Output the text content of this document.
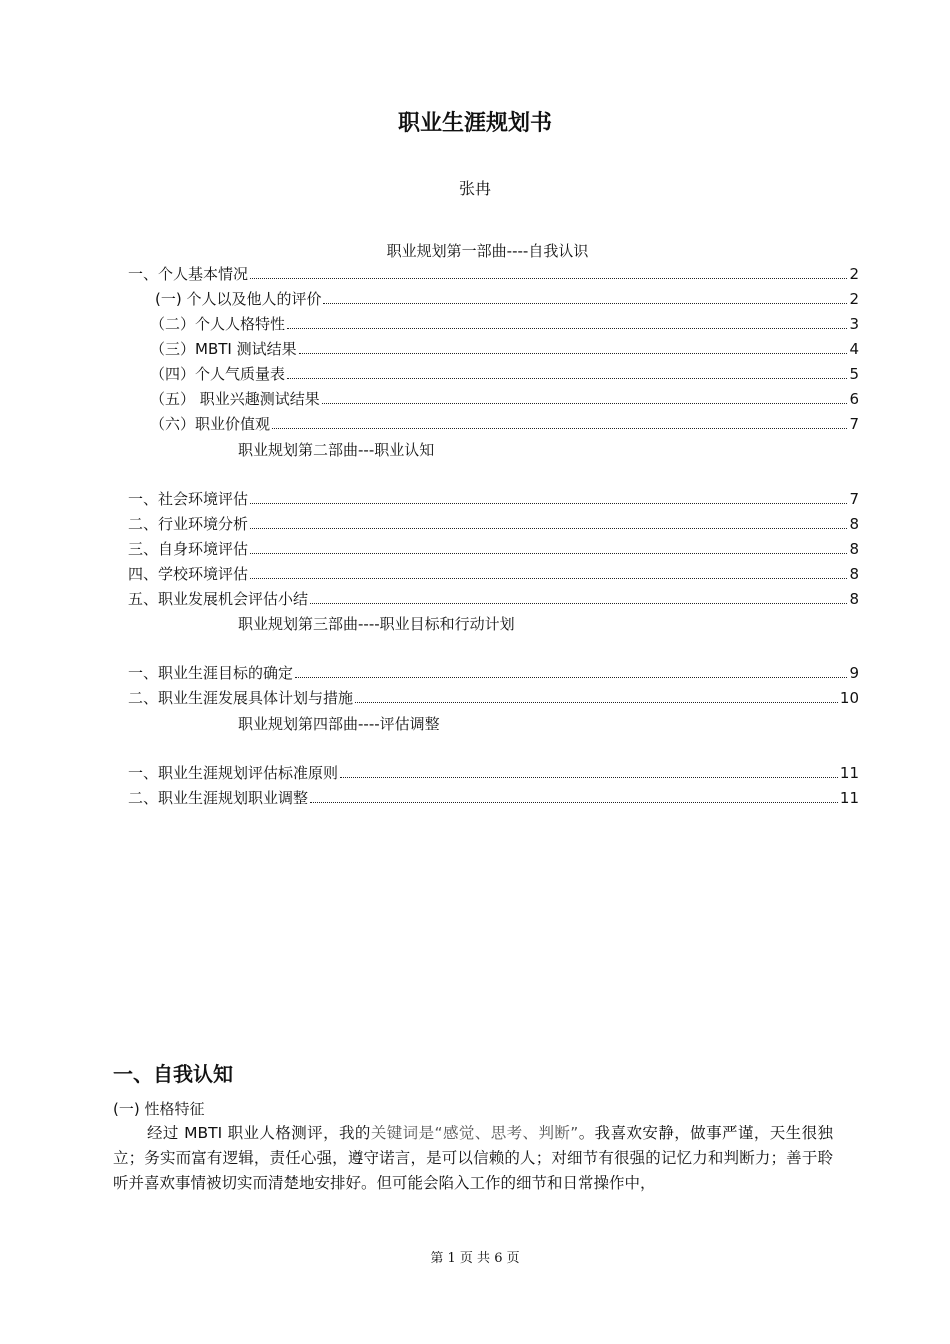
职业生涯规划书
张冉
职业规划第一部曲----自我认识
一、个人基本情况	2
(一) 个人以及他人的评价	2
（二）个人人格特性	3
（三）MBTI 测试结果	4
（四）个人气质量表	5
（五） 职业兴趣测试结果	6
（六）职业价值观	7
职业规划第二部曲---职业认知
一、社会环境评估	7
二、行业环境分析	8
三、自身环境评估	8
四、学校环境评估	8
五、职业发展机会评估小结	8
职业规划第三部曲----职业目标和行动计划
一、职业生涯目标的确定	9
二、职业生涯发展具体计划与措施	10
职业规划第四部曲----评估调整
一、职业生涯规划评估标准原则	11
二、职业生涯规划职业调整	11
一、自我认知
(一) 性格特征
经过 MBTI 职业人格测评，我的关键词是“感觉、思考、判断”。我喜欢安静，做事严谨，天生很独立；务实而富有逻辑，责任心强，遵守诺言，是可以信赖的人；对细节有很强的记忆力和判断力；善于聆听并喜欢事情被切实而清楚地安排好。但可能会陷入工作的细节和日常操作中，
第 1 页 共 6 页
